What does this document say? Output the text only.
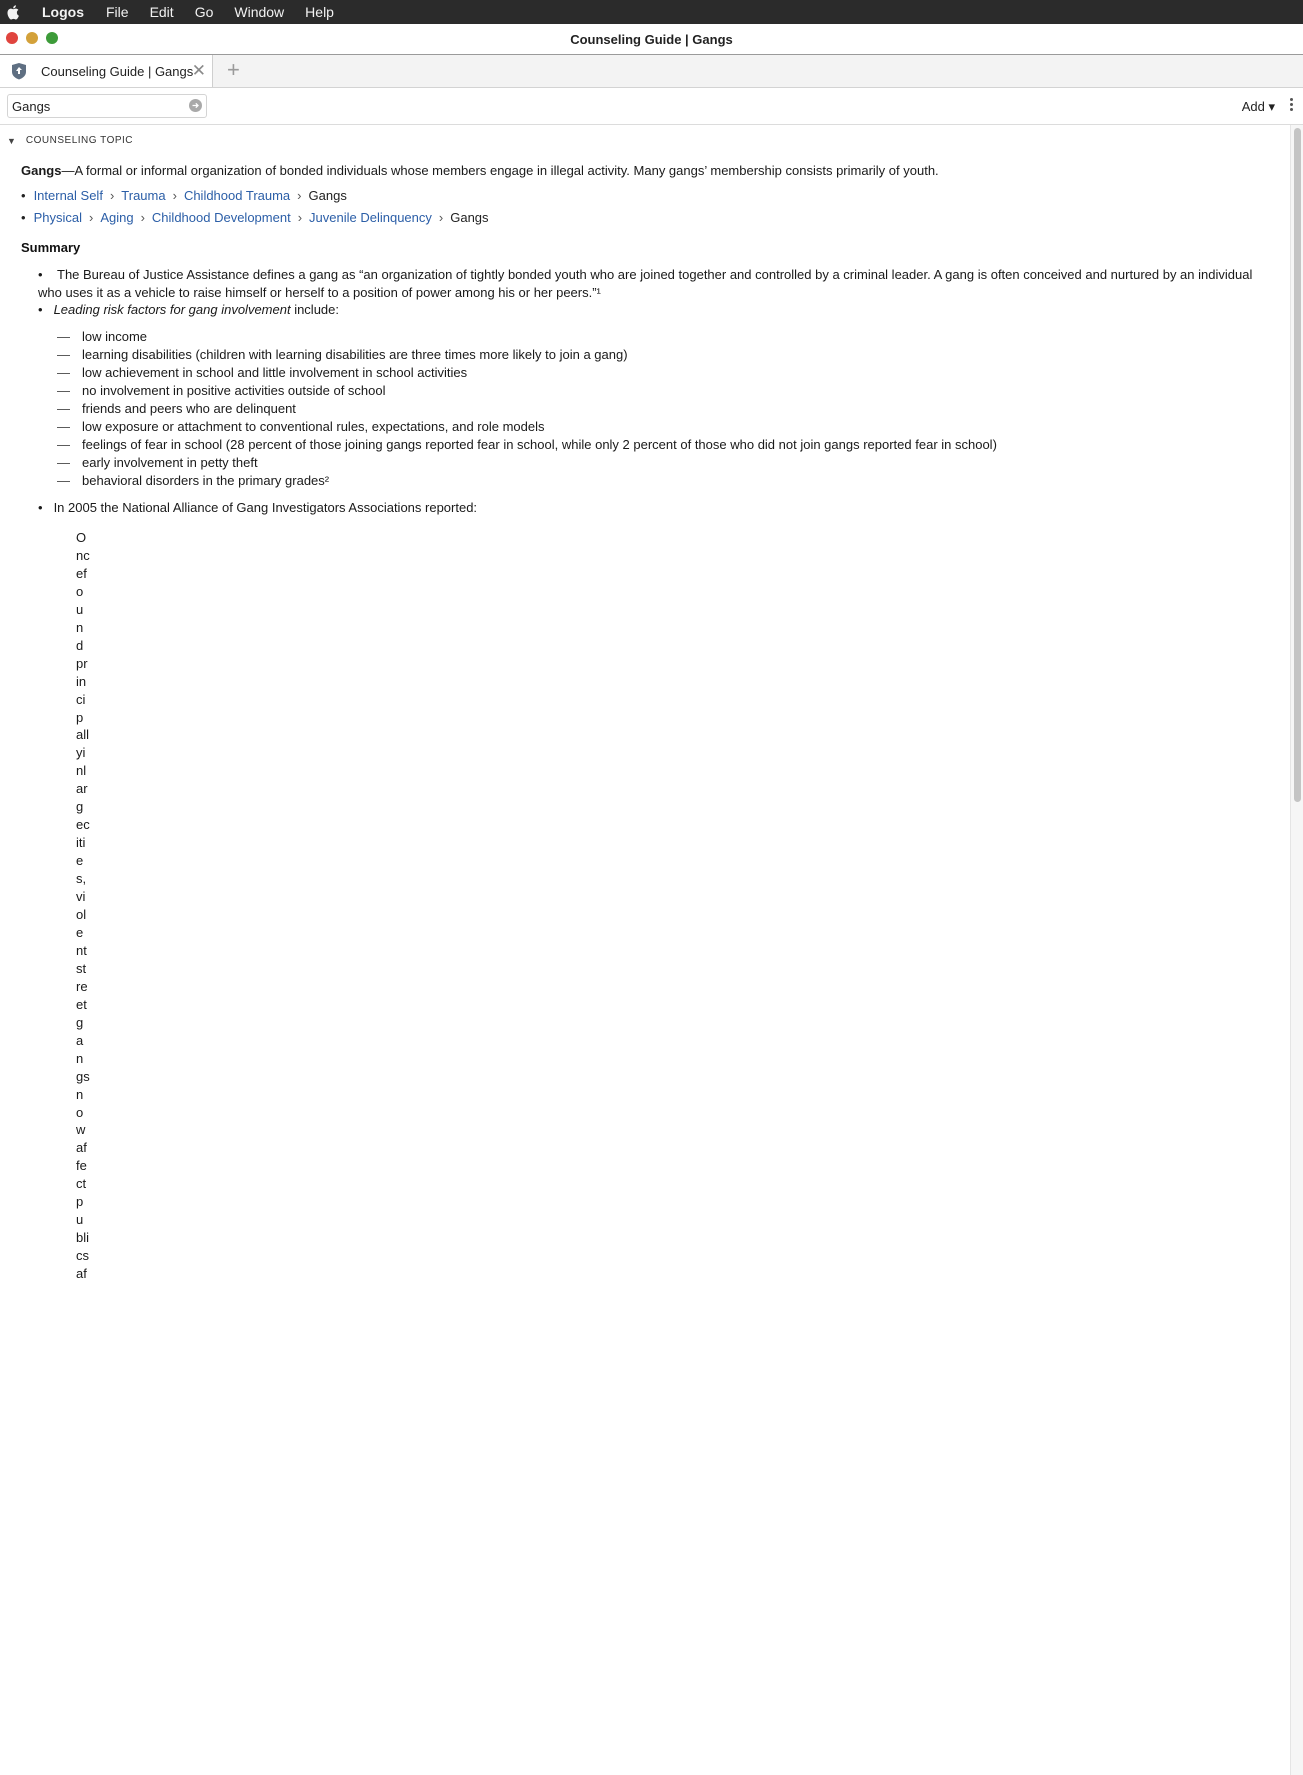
Logos File Edit Go Window Help
Counseling Guide | Gangs
Counseling Guide | Gangs
✕ +
Gangs
Add ▾
▼ COUNSELING TOPIC
Gangs—A formal or informal organization of bonded individuals whose members engage in illegal activity. Many gangs’ membership consists primarily of youth.
• Internal Self › Trauma › Childhood Trauma › Gangs
• Physical › Aging › Childhood Development › Juvenile Delinquency › Gangs
Summary
•	The Bureau of Justice Assistance defines a gang as “an organization of tightly bonded youth who are joined together and controlled by a criminal leader. A gang is often conceived and nurtured by an individual
who uses it as a vehicle to raise himself or herself to a position of power among his or her peers.”¹
• Leading risk factors for gang involvement include:
— low income
— learning disabilities (children with learning disabilities are three times more likely to join a gang)
— low achievement in school and little involvement in school activities
— no involvement in positive activities outside of school
— friends and peers who are delinquent
— low exposure or attachment to conventional rules, expectations, and role models
— feelings of fear in school (28 percent of those joining gangs reported fear in school, while only 2 percent of those who did not join gangs reported fear in school)
— early involvement in petty theft
— behavioral disorders in the primary grades²
• In 2005 the National Alliance of Gang Investigators Associations reported:
Oncefoundprincipallyinlargecities,violentstreetgangsnowaffectpublicsaf
